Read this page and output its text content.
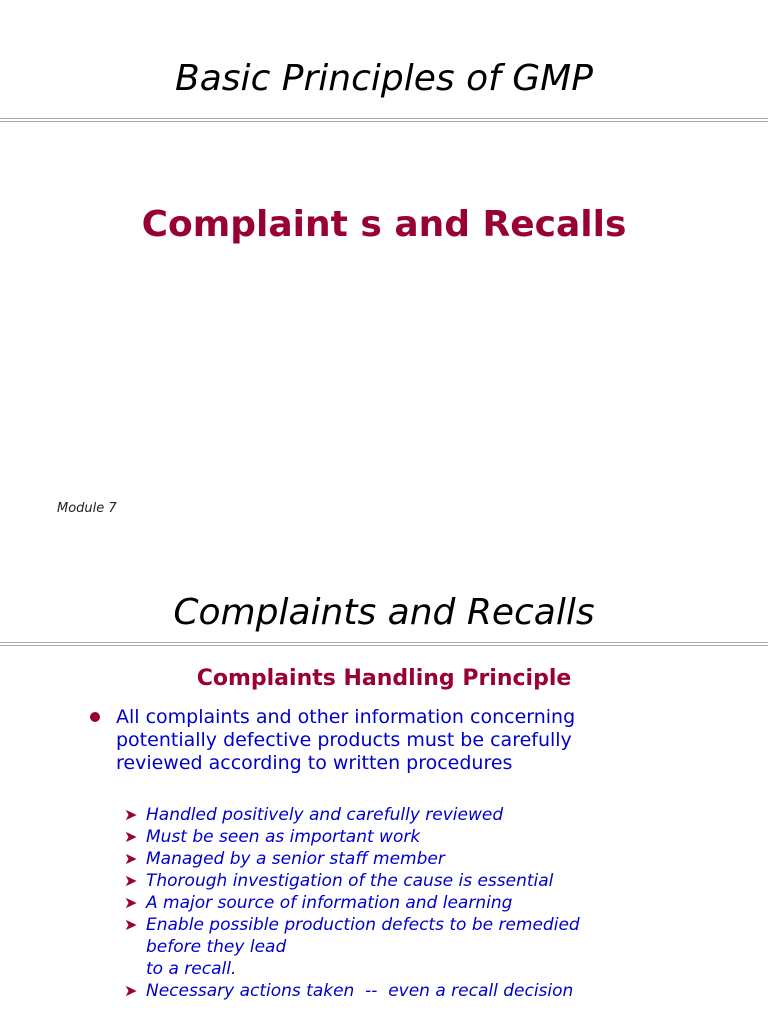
Basic Principles of GMP
Complaint s and Recalls
Module 7
Complaints and Recalls
Complaints Handling Principle
All complaints and other information concerning
potentially defective products must be carefully
reviewed according to written procedures
➤ Handled positively and carefully reviewed
➤ Must be seen as important work
➤ Managed by a senior staff member
➤ Thorough investigation of the cause is essential
➤ A major source of information and learning
➤ Enable possible production defects to be remedied
before they lead
to a recall.
➤ Necessary actions taken  --  even a recall decision
